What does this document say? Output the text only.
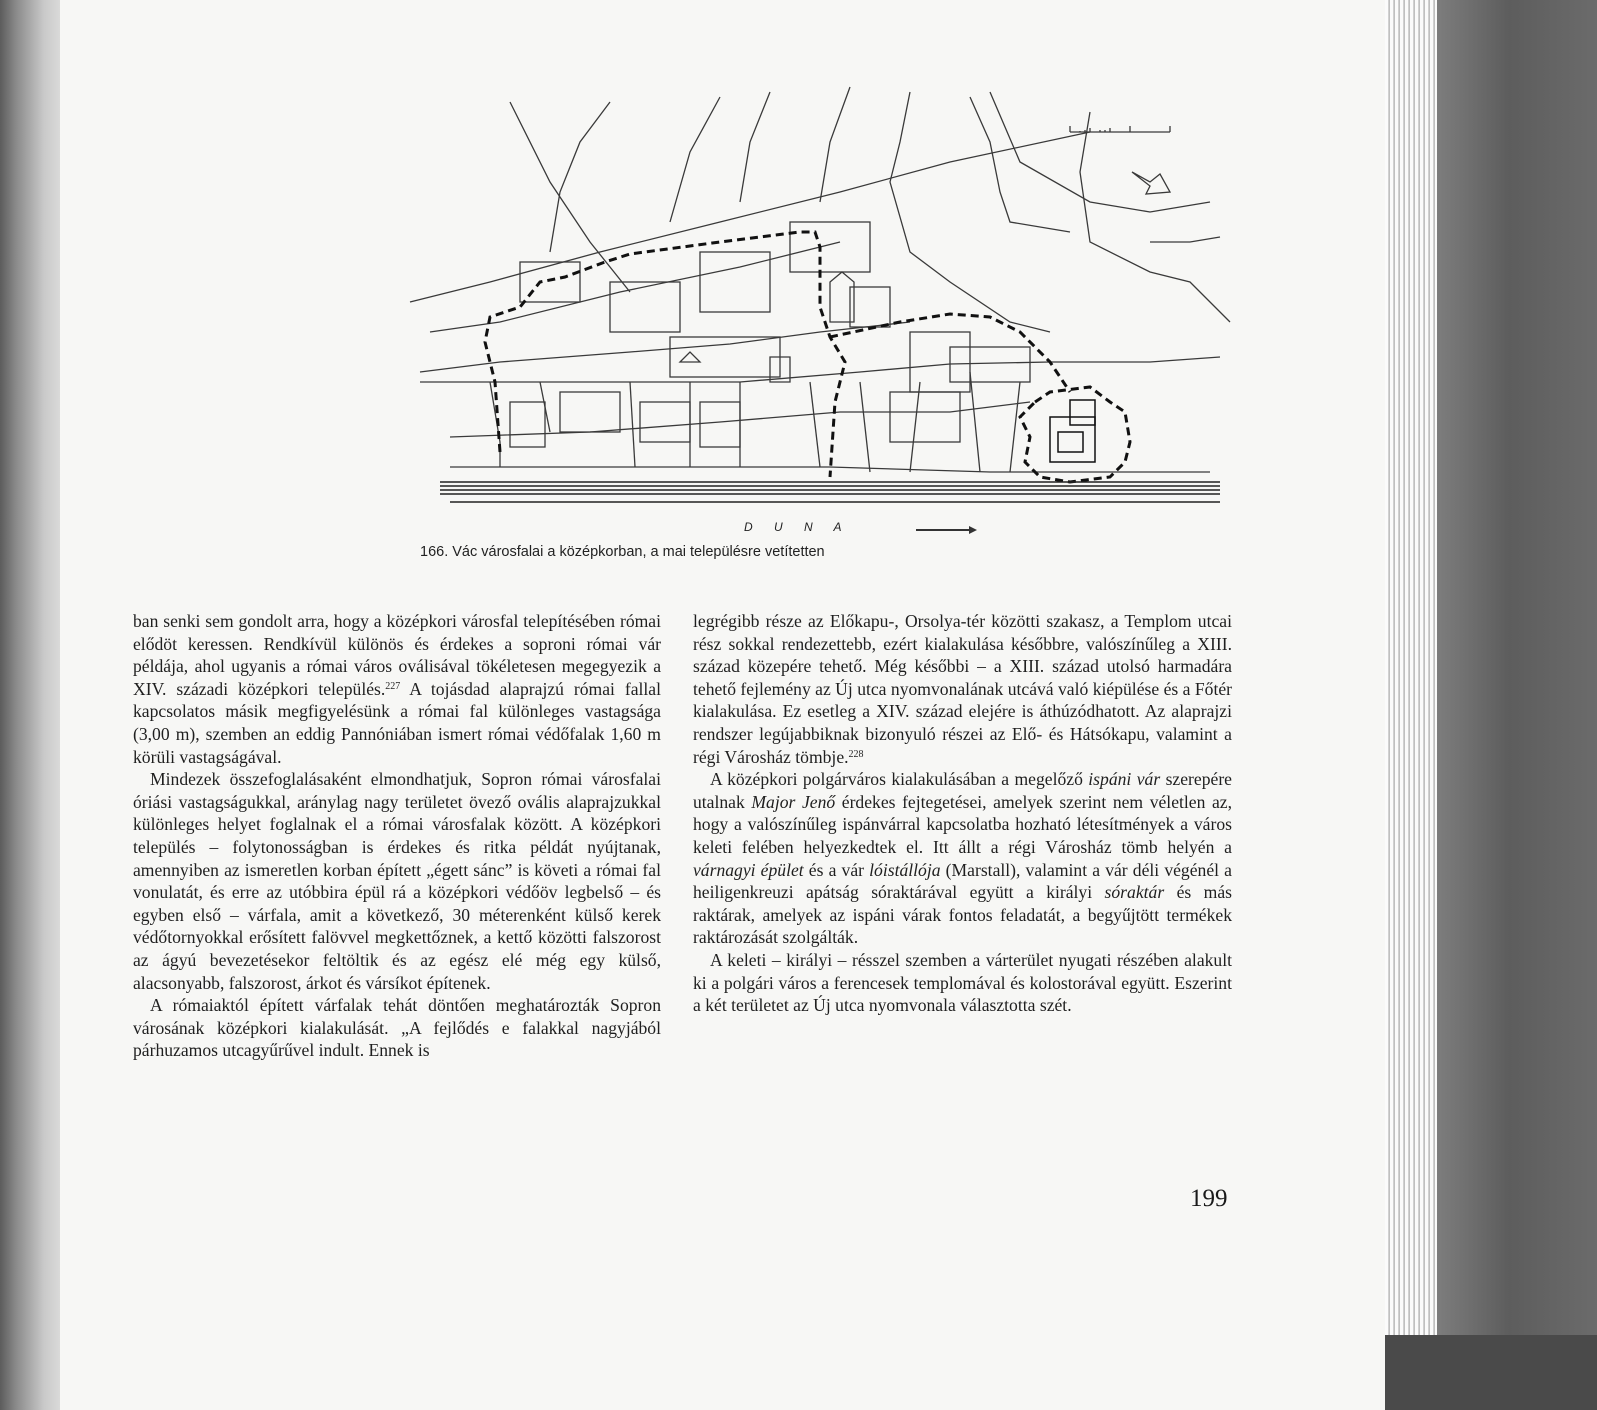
D U N A
166. Vác városfalai a középkorban, a mai településre vetítetten

ban senki sem gondolt arra, hogy a középkori városfal telepítésében római elődöt keressen. Rendkívül különös és érdekes a soproni római vár példája, ahol ugyanis a római város oválisával tökéletesen megegyezik a XIV. századi középkori település.$^{227}$ A tojásdad alaprajzú római fallal kapcsolatos másik megfigyelésünk a római fal különleges vastagsága (3,00 m), szemben an eddig Pannóniában ismert római védőfalak 1,60 m körüli vastagságával.

Mindezek összefoglalásaként elmondhatjuk, Sopron római városfalai óriási vastagságukkal, aránylag nagy területet övező ovális alaprajzukkal különleges helyet foglalnak el a római városfalak között. A középkori település – folytonosságban is érdekes és ritka példát nyújtanak, amennyiben az ismeretlen korban épített „égett sánc” is követi a római fal vonulatát, és erre az utóbbira épül rá a középkori védőöv legbelső – és egyben első – várfala, amit a következő, 30 méterenként külső kerek védőtornyokkal erősített falövvel megkettőznek, a kettő közötti falszorost az ágyú bevezetésekor feltöltik és az egész elé még egy külső, alacsonyabb, falszorost, árkot és vársíkot építenek.

A rómaiaktól épített várfalak tehát döntően meghatározták Sopron városának középkori kialakulását. „A fejlődés e falakkal nagyjából párhuzamos utcagyűrűvel indult. Ennek is

legrégibb része az Előkapu-, Orsolya-tér közötti szakasz, a Templom utcai rész sokkal rendezettebb, ezért kialakulása későbbre, valószínűleg a XIII. század közepére tehető. Még későbbi – a XIII. század utolsó harmadára tehető fejlemény az Új utca nyomvonalának utcává való kiépülése és a Főtér kialakulása. Ez esetleg a XIV. század elejére is áthúzódhatott. Az alaprajzi rendszer legújabbiknak bizonyuló részei az Elő- és Hátsókapu, valamint a régi Városház tömbje.$^{228}$

A középkori polgárváros kialakulásában a megelőző ispáni vár szerepére utalnak Major Jenő érdekes fejtegetései, amelyek szerint nem véletlen az, hogy a valószínűleg ispánvárral kapcsolatba hozható létesítmények a város keleti felében helyezkedtek el. Itt állt a régi Városház tömb helyén a várnagyi épület és a vár lóistállója (Marstall), valamint a vár déli végénél a heiligenkreuzi apátság sóraktárával együtt a királyi sóraktár és más raktárak, amelyek az ispáni várak fontos feladatát, a begyűjtött termékek raktározását szolgálták.

A keleti – királyi – résszel szemben a várterület nyugati részében alakult ki a polgári város a ferencesek templomával és kolostorával együtt. Eszerint a két területet az Új utca nyomvonala választotta szét.

199
